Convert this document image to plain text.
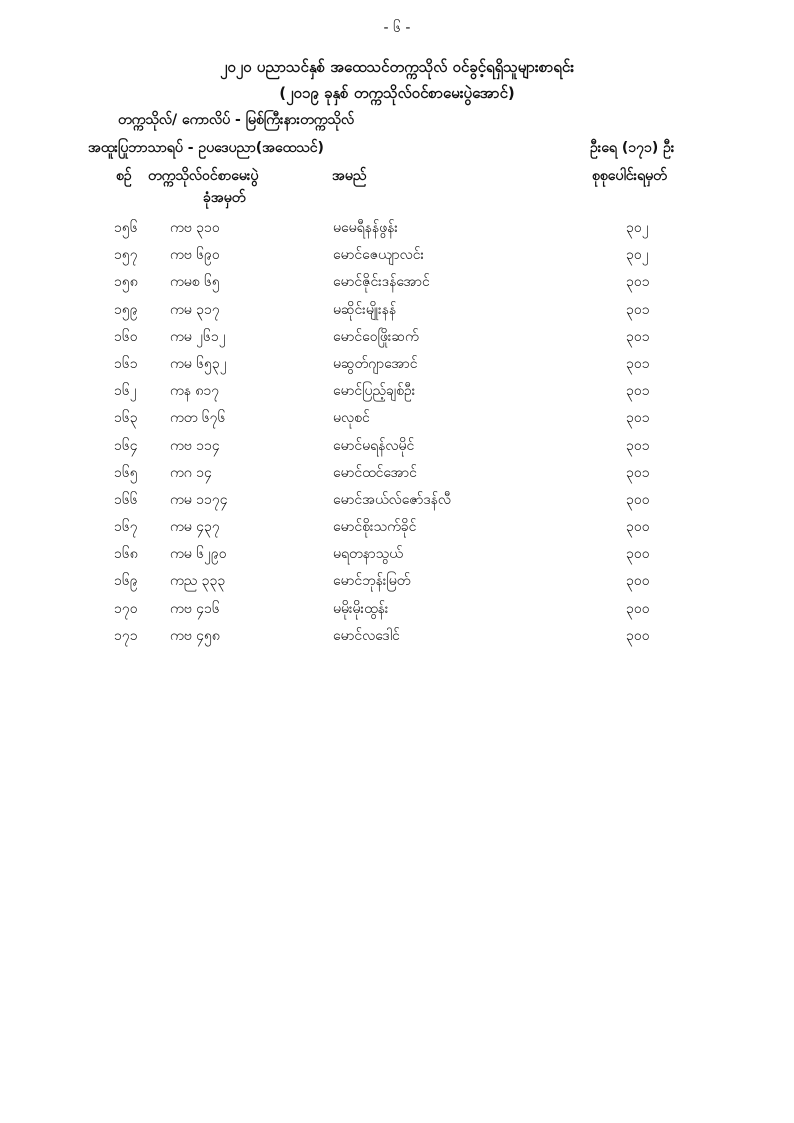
- ၆ -
၂၀၂၀ ပညာသင်နှစ် အထေသင်တက္ကသိုလ် ဝင်ခွင့်ရရှိသူများစာရင်း
(၂၀၁၉ ခုနှစ် တက္ကသိုလ်ဝင်စာမေးပွဲအောင်)
တက္ကသိုလ်/ ကောလိပ် - မြစ်ကြီးနားတက္ကသိုလ်
အထူးပြုဘာသာရပ် - ဥပဒေပညာ(အထေသင်)	ဦးရေ (၁၇၁) ဦး
စဉ် တက္ကသိုလ်ဝင်စာမေးပွဲ
ခုံအမှတ်
အမည်	စုစုပေါင်းရမှတ်
၁၅၆ ကဗ ၃၁၀	မမေရီနန်ဖွန်း	၃၀၂
၁၅၇ ကဗ ၆၉၀	မောင်ဇေယျာလင်း	၃၀၂
၁၅၈ ကမစ ၆၅	မောင်ဇိုင်းဒန်အောင်	၃၀၁
၁၅၉ ကမ ၃၁၇	မဆိုင်းမျိုးနန်	၃၀၁
၁၆၀ ကမ ၂၆၁၂	မောင်ဝေဖြိုးဆက်	၃၀၁
၁၆၁ ကမ ၆၅၃၂	မဆွတ်ဂျာအောင်	၃၀၁
၁၆၂ ကန ၈၁၇	မောင်ပြည့်ချစ်ဦး	၃၀၁
၁၆၃ ကတ ၆၇၆	မလုစင်	၃၀၁
၁၆၄ ကဗ ၁၁၄	မောင်မရန်လမိုင်	၃၀၁
၁၆၅ ကဂ ၁၄	မောင်ထင်အောင်	၃၀၁
၁၆၆ ကမ ၁၁၇၄	မောင်အယ်လ်ဇော်ဒန်လီ	၃၀၀
၁၆၇ ကမ ၄၃၇	မောင်စိုးသက်ခိုင်	၃၀၀
၁၆၈ ကမ ၆၂၉၀	မရတနာသွယ်	၃၀၀
၁၆၉ ကည ၃၃၃	မောင်ဘုန်းမြတ်	၃၀၀
၁၇၀ ကဗ ၄၁၆	မမိုးမိုးထွန်း	၃၀၀
၁၇၁ ကဗ ၄၅၈	မောင်လဒေါင်	၃၀၀
